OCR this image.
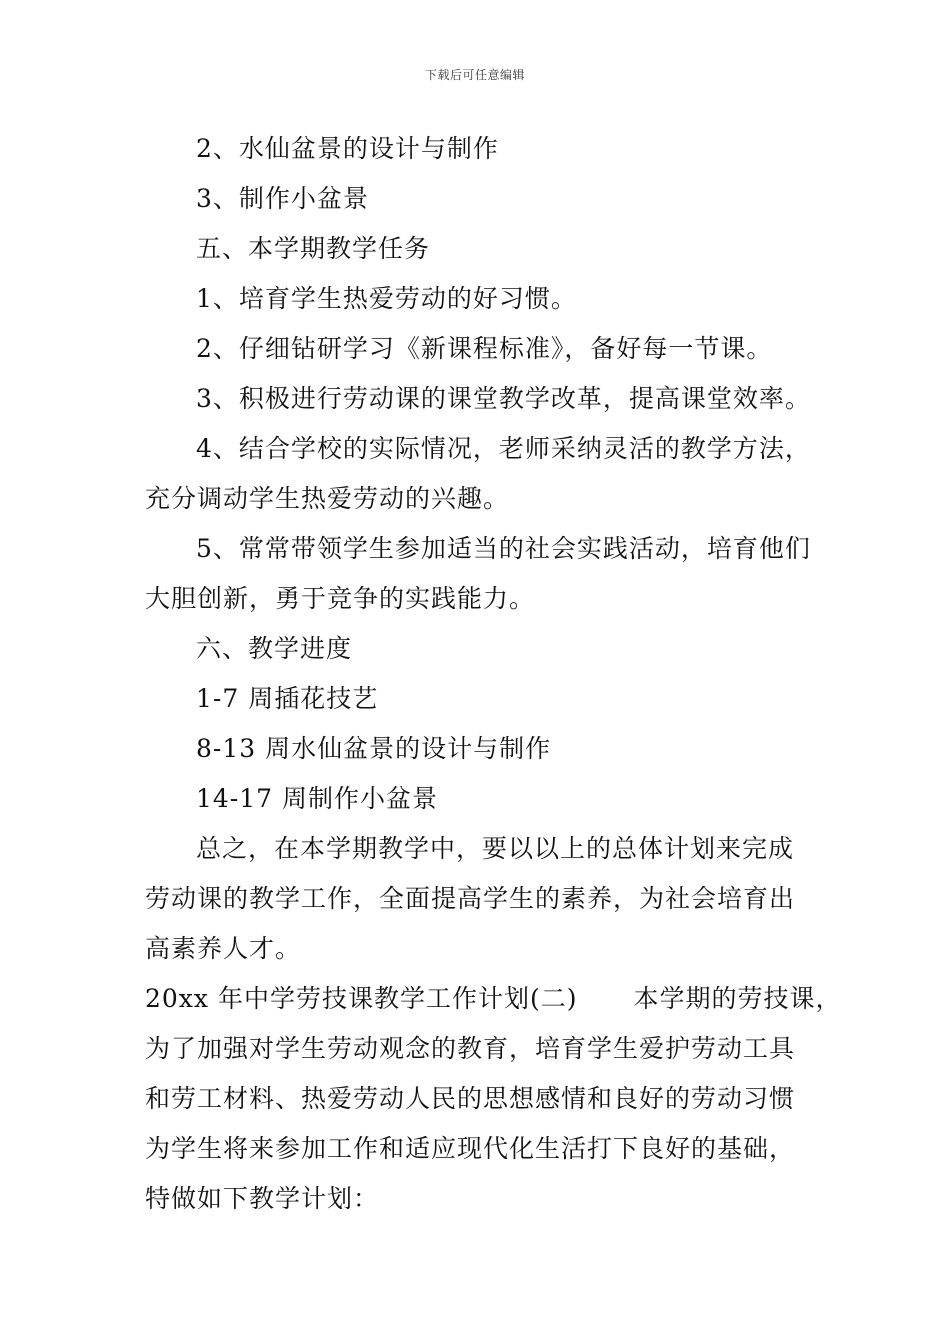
下载后可任意编辑
2、水仙盆景的设计与制作
3、制作小盆景
五、本学期教学任务
1、培育学生热爱劳动的好习惯。
2、仔细钻研学习《新课程标准》，备好每一节课。
3、积极进行劳动课的课堂教学改革，提高课堂效率。
4、结合学校的实际情况，老师采纳灵活的教学方法，
充分调动学生热爱劳动的兴趣。
5、常常带领学生参加适当的社会实践活动，培育他们
大胆创新，勇于竞争的实践能力。
六、教学进度
1-7 周插花技艺
8-13 周水仙盆景的设计与制作
14-17 周制作小盆景
总之，在本学期教学中，要以以上的总体计划来完成
劳动课的教学工作，全面提高学生的素养，为社会培育出
高素养人才。
20xx 年中学劳技课教学工作计划(二) 本学期的劳技课，
为了加强对学生劳动观念的教育，培育学生爱护劳动工具
和劳工材料、热爱劳动人民的思想感情和良好的劳动习惯
为学生将来参加工作和适应现代化生活打下良好的基础，
特做如下教学计划：
